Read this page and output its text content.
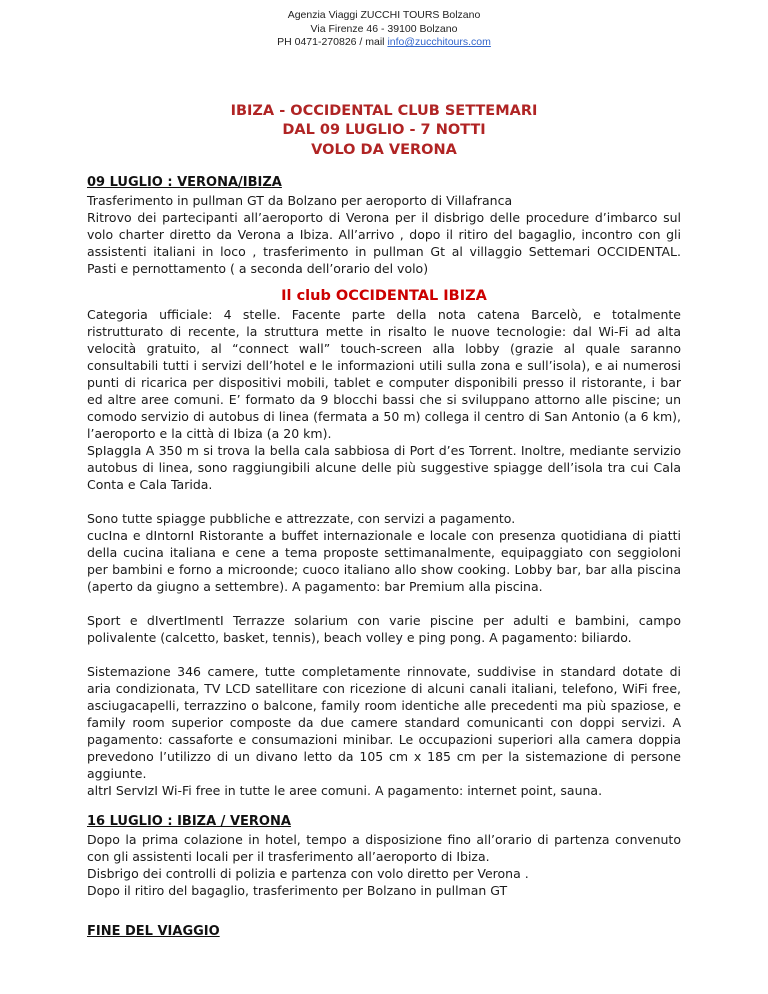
Agenzia Viaggi ZUCCHI TOURS Bolzano
Via Firenze 46 - 39100 Bolzano
PH 0471-270826 / mail info@zucchitours.com
IBIZA - OCCIDENTAL CLUB SETTEMARI
DAL 09 LUGLIO - 7 NOTTI
VOLO DA VERONA
09 LUGLIO : VERONA/IBIZA

Trasferimento in pullman GT da Bolzano per aeroporto di Villafranca

Ritrovo dei partecipanti all’aeroporto di Verona per il disbrigo delle procedure d’imbarco sul volo charter diretto da Verona a Ibiza. All’arrivo , dopo il ritiro del bagaglio, incontro con gli assistenti italiani in loco , trasferimento in pullman Gt al villaggio Settemari OCCIDENTAL. Pasti e pernottamento ( a seconda dell’orario del volo)

Il club OCCIDENTAL IBIZA

Categoria ufficiale: 4 stelle. Facente parte della nota catena Barcelò, e totalmente ristrutturato di recente, la struttura mette in risalto le nuove tecnologie: dal Wi-Fi ad alta velocità gratuito, al “connect wall” touch-screen alla lobby (grazie al quale saranno consultabili tutti i servizi dell’hotel e le informazioni utili sulla zona e sull’isola), e ai numerosi punti di ricarica per dispositivi mobili, tablet e computer disponibili presso il ristorante, i bar ed altre aree comuni. E’ formato da 9 blocchi bassi che si sviluppano attorno alle piscine; un comodo servizio di autobus di linea (fermata a 50 m) collega il centro di San Antonio (a 6 km), l’aeroporto e la città di Ibiza (a 20 km).

SpIaggIa A 350 m si trova la bella cala sabbiosa di Port d’es Torrent. Inoltre, mediante servizio autobus di linea, sono raggiungibili alcune delle più suggestive spiagge dell’isola tra cui Cala Conta e Cala Tarida.

Sono tutte spiagge pubbliche e attrezzate, con servizi a pagamento.

cucIna e dIntornI Ristorante a buffet internazionale e locale con presenza quotidiana di piatti della cucina italiana e cene a tema proposte settimanalmente, equipaggiato con seggioloni per bambini e forno a microonde; cuoco italiano allo show cooking. Lobby bar, bar alla piscina (aperto da giugno a settembre). A pagamento: bar Premium alla piscina.

Sport e dIvertImentI Terrazze solarium con varie piscine per adulti e bambini, campo polivalente (calcetto, basket, tennis), beach volley e ping pong. A pagamento: biliardo.

Sistemazione 346 camere, tutte completamente rinnovate, suddivise in standard dotate di aria condizionata, TV LCD satellitare con ricezione di alcuni canali italiani, telefono, WiFi free, asciugacapelli, terrazzino o balcone, family room identiche alle precedenti ma più spaziose, e family room superior composte da due camere standard comunicanti con doppi servizi. A pagamento: cassaforte e consumazioni minibar. Le occupazioni superiori alla camera doppia prevedono l’utilizzo di un divano letto da 105 cm x 185 cm per la sistemazione di persone aggiunte.

altrI ServIzI Wi-Fi free in tutte le aree comuni. A pagamento: internet point, sauna.

16 LUGLIO : IBIZA / VERONA

Dopo la prima colazione in hotel, tempo a disposizione fino all’orario di partenza convenuto con gli assistenti locali per il trasferimento all’aeroporto di Ibiza.

Disbrigo dei controlli di polizia e partenza con volo diretto per Verona .

Dopo il ritiro del bagaglio, trasferimento per Bolzano in pullman GT

FINE DEL VIAGGIO
